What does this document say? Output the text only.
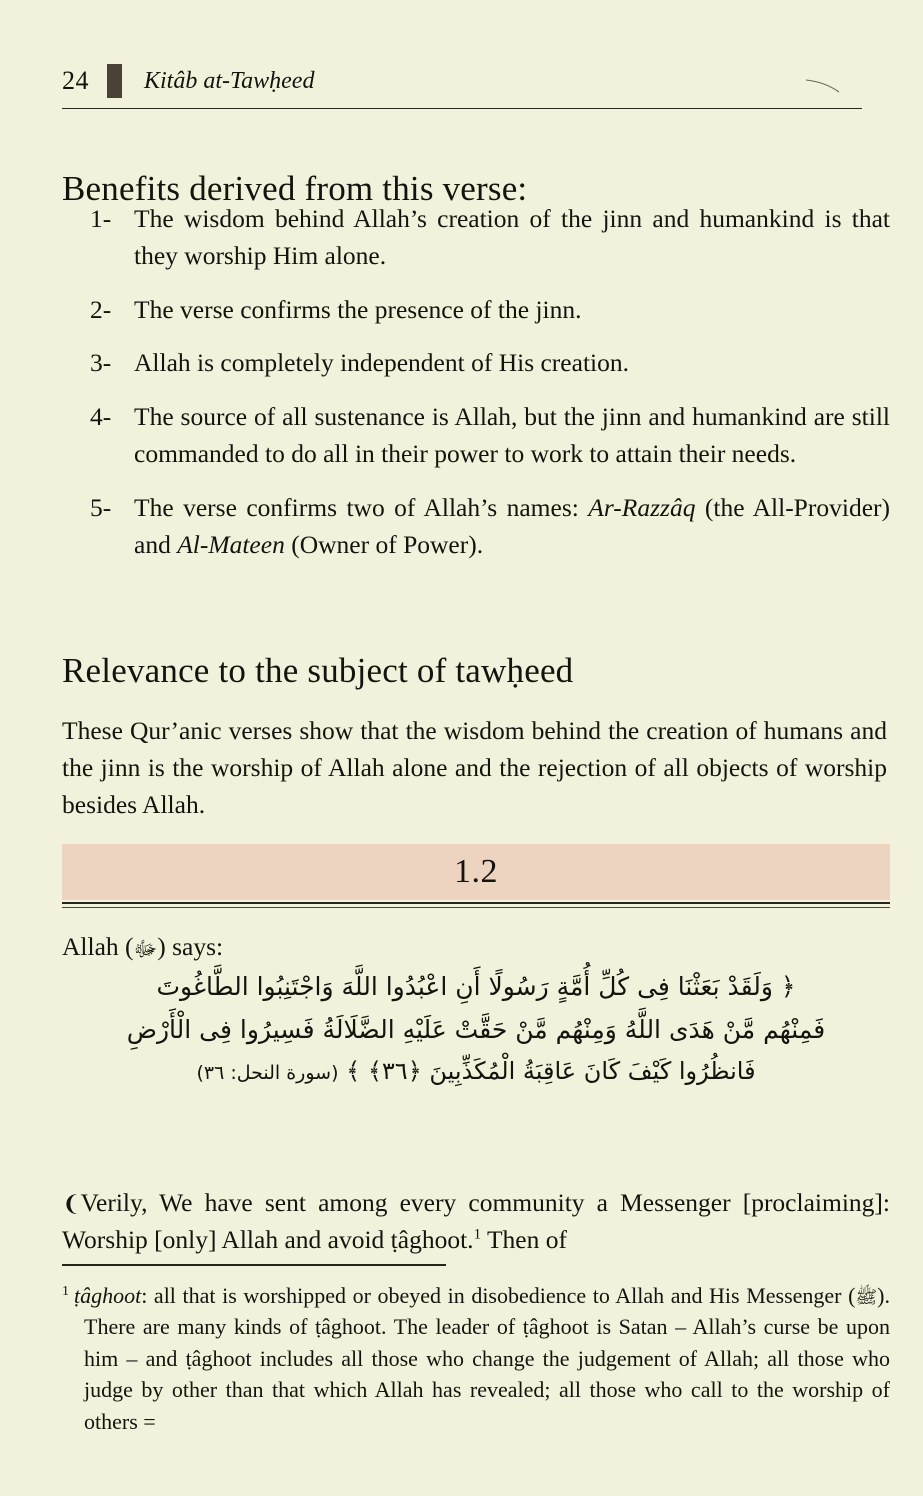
24 Kitâb at-Tawḥeed
Benefits derived from this verse:
1- The wisdom behind Allah’s creation of the jinn and humankind is that they worship Him alone.
2- The verse confirms the presence of the jinn.
3- Allah is completely independent of His creation.
4- The source of all sustenance is Allah, but the jinn and humankind are still commanded to do all in their power to work to attain their needs.
5- The verse confirms two of Allah’s names: Ar-Razzâq (the All-Provider) and Al-Mateen (Owner of Power).
Relevance to the subject of tawḥeed

These Qur’anic verses show that the wisdom behind the creation of humans and the jinn is the worship of Allah alone and the rejection of all objects of worship besides Allah.

1.2
Allah (ﷻ) says:
﴿ وَلَقَدْ بَعَثْنَا فِى كُلِّ أُمَّةٍ رَسُولًا أَنِ اعْبُدُوا اللَّهَ وَاجْتَنِبُوا الطَّاغُوتَ
فَمِنْهُم مَّنْ هَدَى اللَّهُ وَمِنْهُم مَّنْ حَقَّتْ عَلَيْهِ الضَّلَالَةُ فَسِيرُوا فِى الْأَرْضِ
فَانظُرُوا كَيْفَ كَانَ عَاقِبَةُ الْمُكَذِّبِينَ ﴿٣٦﴾ ﴾ (سورة النحل: ٣٦)

❨Verily, We have sent among every community a Messenger [proclaiming]: Worship [only] Allah and avoid ṭâghoot.$^1$ Then of

$^1$ ṭâghoot: all that is worshipped or obeyed in disobedience to Allah and His Messenger (ﷺ). There are many kinds of ṭâghoot. The leader of ṭâghoot is Satan – Allah’s curse be upon him – and ṭâghoot includes all those who change the judgement of Allah; all those who judge by other than that which Allah has revealed; all those who call to the worship of others =
